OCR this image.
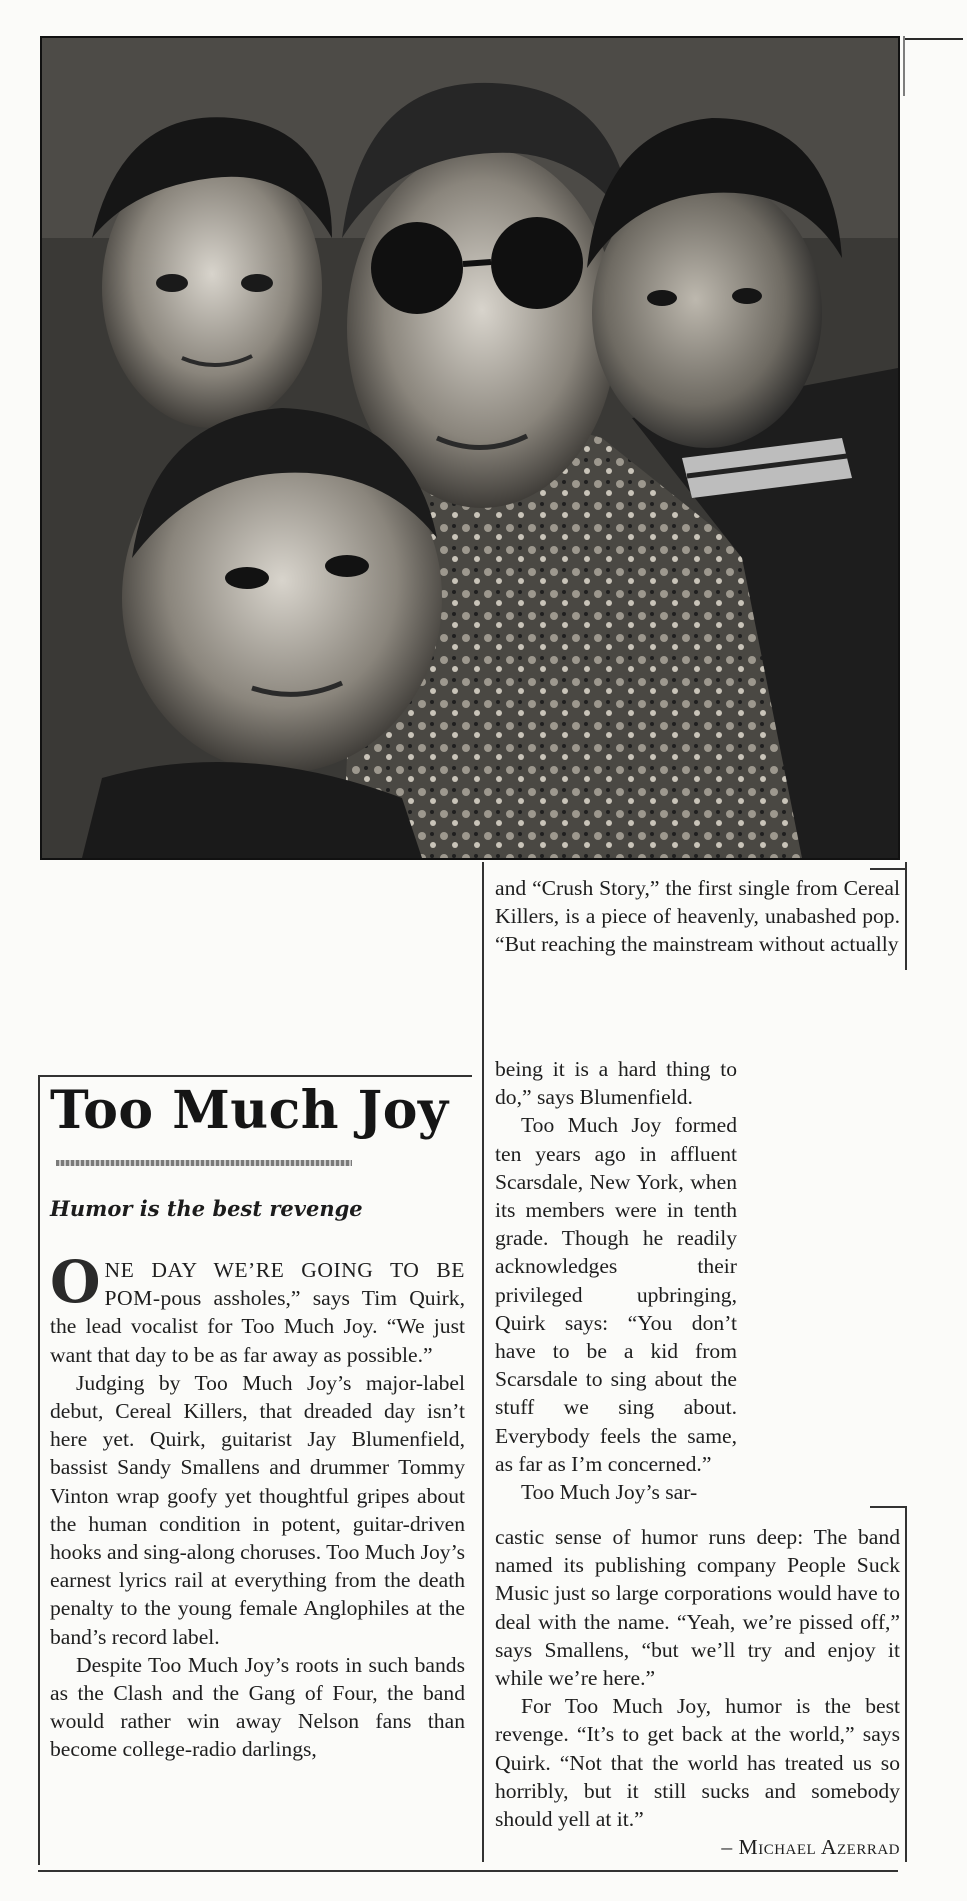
Too Much Joy
Humor is the best revenge

ONE DAY WE’RE GOING TO BE POM-pous assholes,” says Tim Quirk, the lead vocalist for Too Much Joy. “We just want that day to be as far away as possible.”

Judging by Too Much Joy’s major-label debut, Cereal Killers, that dreaded day isn’t here yet. Quirk, guitarist Jay Blumenfield, bassist Sandy Smallens and drummer Tommy Vinton wrap goofy yet thoughtful gripes about the human condition in potent, guitar-driven hooks and sing-along choruses. Too Much Joy’s earnest lyrics rail at everything from the death penalty to the young female Anglophiles at the band’s record label.

Despite Too Much Joy’s roots in such bands as the Clash and the Gang of Four, the band would rather win away Nelson fans than become college-radio darlings,

and “Crush Story,” the first single from Cereal Killers, is a piece of heavenly, unabashed pop. “But reaching the mainstream without actually

being it is a hard thing to do,” says Blumenfield.

Too Much Joy formed ten years ago in affluent Scarsdale, New York, when its members were in tenth grade. Though he readily acknowledges their privileged upbringing, Quirk says: “You don’t have to be a kid from Scarsdale to sing about the stuff we sing about. Everybody feels the same, as far as I’m concerned.”

Too Much Joy’s sar-

castic sense of humor runs deep: The band named its publishing company People Suck Music just so large corporations would have to deal with the name. “Yeah, we’re pissed off,” says Smallens, “but we’ll try and enjoy it while we’re here.”

For Too Much Joy, humor is the best revenge. “It’s to get back at the world,” says Quirk. “Not that the world has treated us so horribly, but it still sucks and somebody should yell at it.”

– Michael Azerrad
